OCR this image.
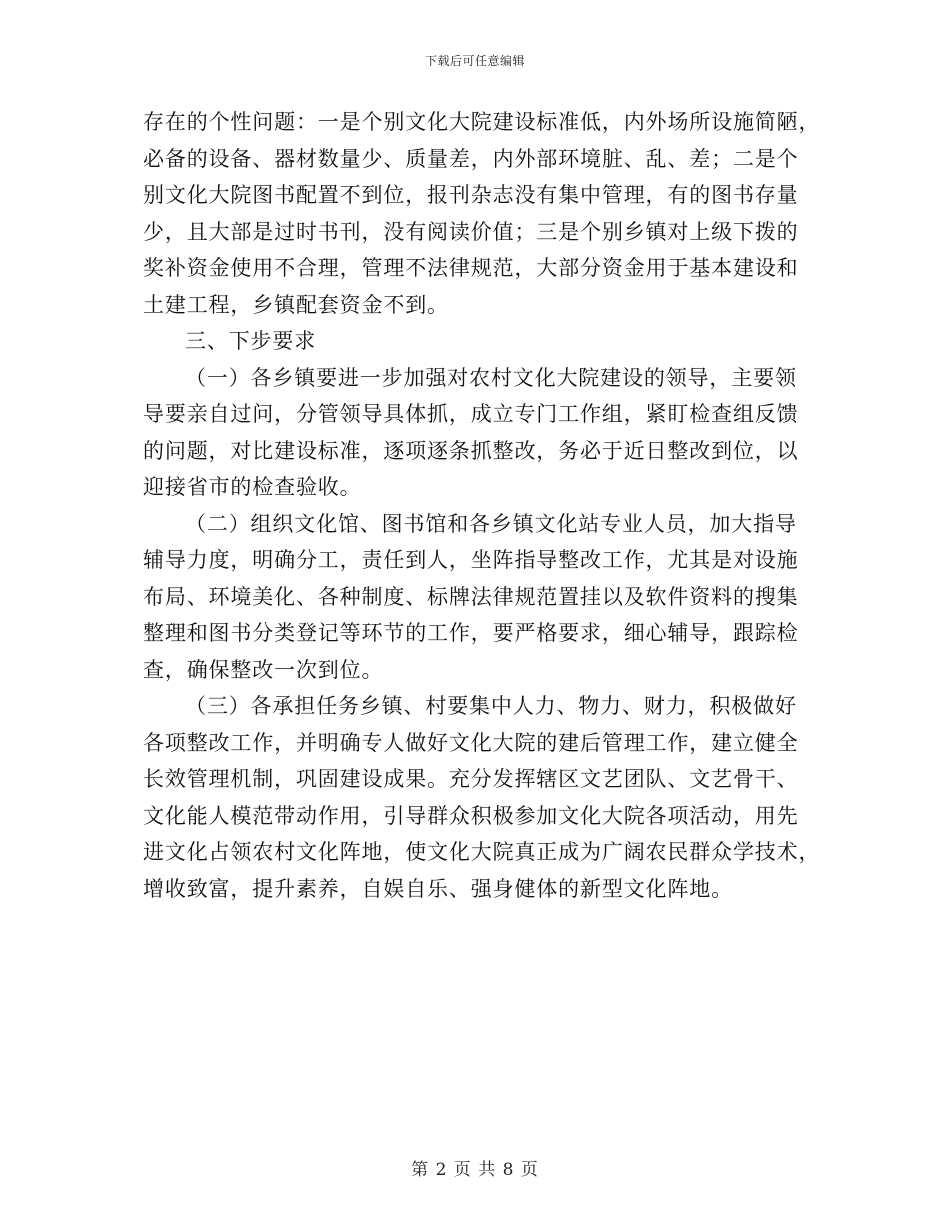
下载后可任意编辑
存在的个性问题：一是个别文化大院建设标准低，内外场所设施简陋，
必备的设备、器材数量少、质量差，内外部环境脏、乱、差；二是个
别文化大院图书配置不到位，报刊杂志没有集中管理，有的图书存量
少，且大部是过时书刊，没有阅读价值；三是个别乡镇对上级下拨的
奖补资金使用不合理，管理不法律规范，大部分资金用于基本建设和
土建工程，乡镇配套资金不到。
三、下步要求
（一）各乡镇要进一步加强对农村文化大院建设的领导，主要领
导要亲自过问，分管领导具体抓，成立专门工作组，紧盯检查组反馈
的问题，对比建设标准，逐项逐条抓整改，务必于近日整改到位，以
迎接省市的检查验收。
（二）组织文化馆、图书馆和各乡镇文化站专业人员，加大指导
辅导力度，明确分工，责任到人，坐阵指导整改工作，尤其是对设施
布局、环境美化、各种制度、标牌法律规范置挂以及软件资料的搜集
整理和图书分类登记等环节的工作，要严格要求，细心辅导，跟踪检
查，确保整改一次到位。
（三）各承担任务乡镇、村要集中人力、物力、财力，积极做好
各项整改工作，并明确专人做好文化大院的建后管理工作，建立健全
长效管理机制，巩固建设成果。充分发挥辖区文艺团队、文艺骨干、
文化能人模范带动作用，引导群众积极参加文化大院各项活动，用先
进文化占领农村文化阵地，使文化大院真正成为广阔农民群众学技术，
增收致富，提升素养，自娱自乐、强身健体的新型文化阵地。
第 2 页 共 8 页
